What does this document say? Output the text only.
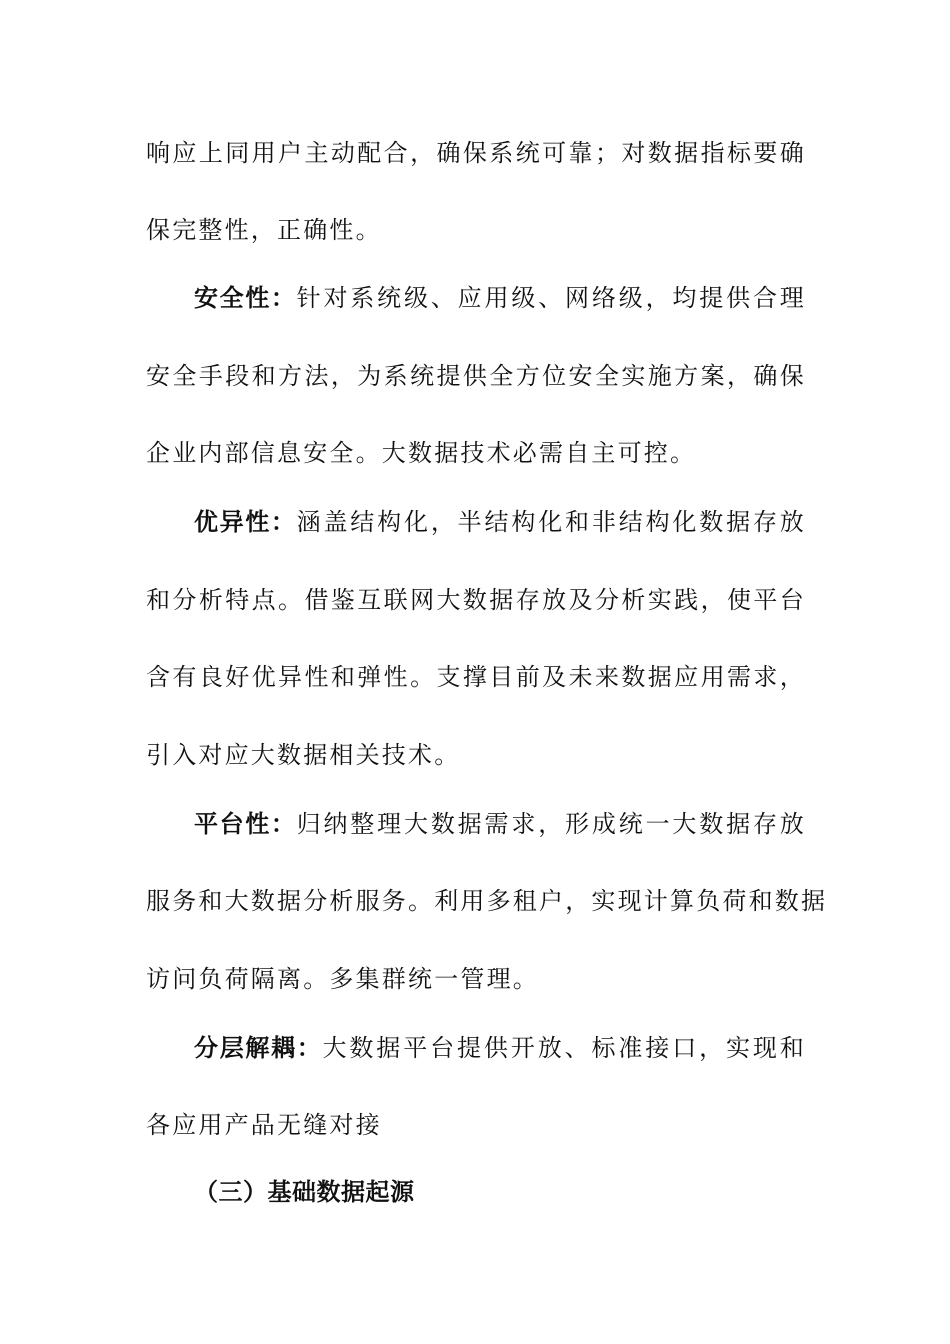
响应上同用户主动配合，确保系统可靠；对数据指标要确
保完整性，正确性。
安全性：针对系统级、应用级、网络级，均提供合理
安全手段和方法，为系统提供全方位安全实施方案，确保
企业内部信息安全。大数据技术必需自主可控。
优异性：涵盖结构化，半结构化和非结构化数据存放
和分析特点。借鉴互联网大数据存放及分析实践，使平台
含有良好优异性和弹性。支撑目前及未来数据应用需求，
引入对应大数据相关技术。
平台性：归纳整理大数据需求，形成统一大数据存放
服务和大数据分析服务。利用多租户，实现计算负荷和数据
访问负荷隔离。多集群统一管理。
分层解耦：大数据平台提供开放、标准接口，实现和
各应用产品无缝对接
（三）基础数据起源
